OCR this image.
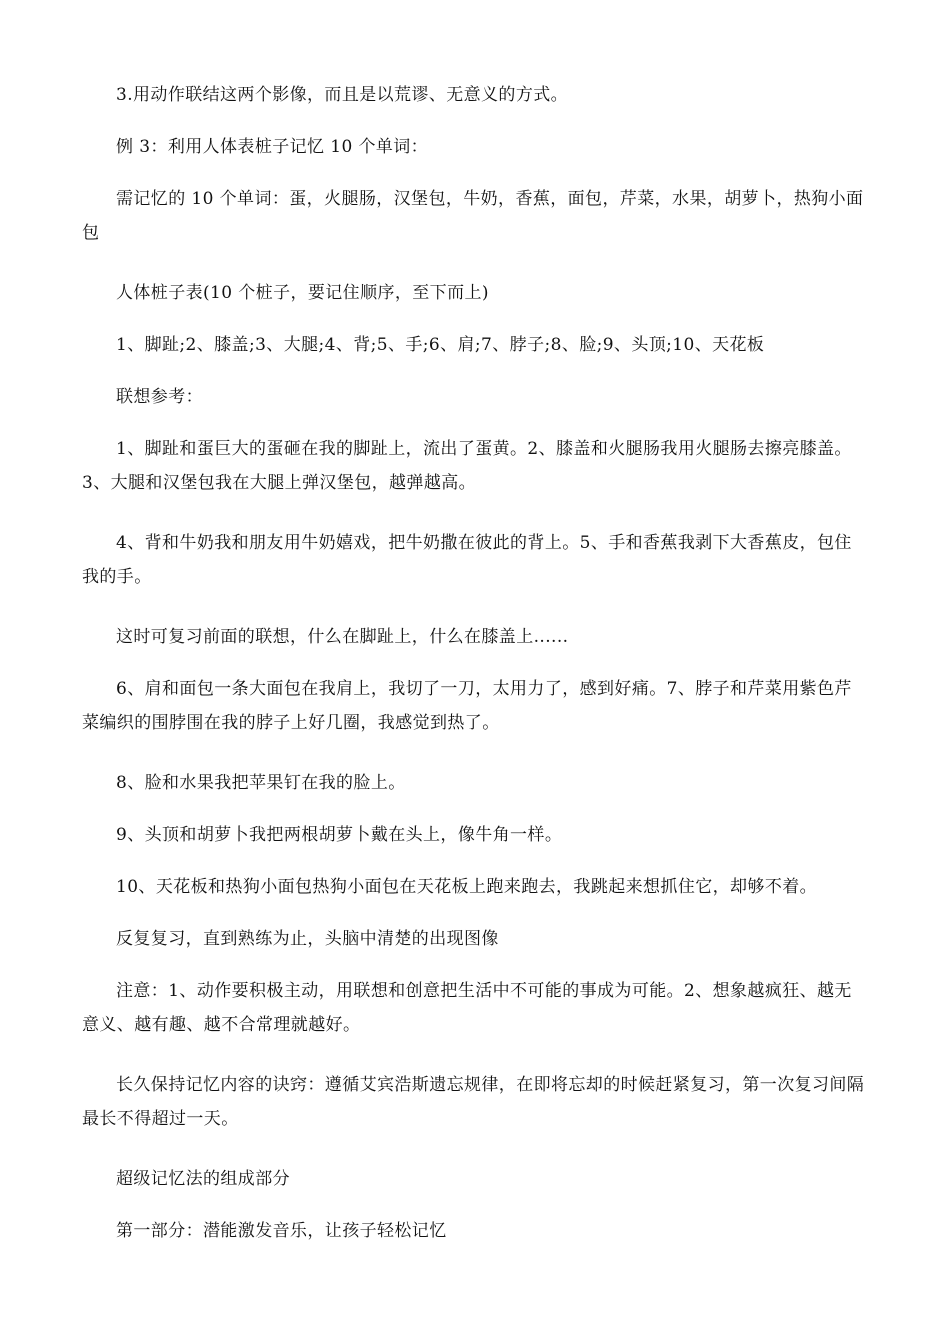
3.用动作联结这两个影像，而且是以荒谬、无意义的方式。

例 3：利用人体表桩子记忆 10 个单词：

需记忆的 10 个单词：蛋，火腿肠，汉堡包，牛奶，香蕉，面包，芹菜，水果，胡萝卜，热狗小面包

人体桩子表(10 个桩子，要记住顺序，至下而上)

1、脚趾;2、膝盖;3、大腿;4、背;5、手;6、肩;7、脖子;8、脸;9、头顶;10、天花板

联想参考：

1、脚趾和蛋巨大的蛋砸在我的脚趾上，流出了蛋黄。2、膝盖和火腿肠我用火腿肠去擦亮膝盖。3、大腿和汉堡包我在大腿上弹汉堡包，越弹越高。

4、背和牛奶我和朋友用牛奶嬉戏，把牛奶撒在彼此的背上。5、手和香蕉我剥下大香蕉皮，包住我的手。

这时可复习前面的联想，什么在脚趾上，什么在膝盖上......

6、肩和面包一条大面包在我肩上，我切了一刀，太用力了，感到好痛。7、脖子和芹菜用紫色芹菜编织的围脖围在我的脖子上好几圈，我感觉到热了。

8、脸和水果我把苹果钉在我的脸上。

9、头顶和胡萝卜我把两根胡萝卜戴在头上，像牛角一样。

10、天花板和热狗小面包热狗小面包在天花板上跑来跑去，我跳起来想抓住它，却够不着。

反复复习，直到熟练为止，头脑中清楚的出现图像

注意：1、动作要积极主动，用联想和创意把生活中不可能的事成为可能。2、想象越疯狂、越无意义、越有趣、越不合常理就越好。

长久保持记忆内容的诀窍：遵循艾宾浩斯遗忘规律，在即将忘却的时候赶紧复习，第一次复习间隔最长不得超过一天。

超级记忆法的组成部分

第一部分：潜能激发音乐，让孩子轻松记忆
